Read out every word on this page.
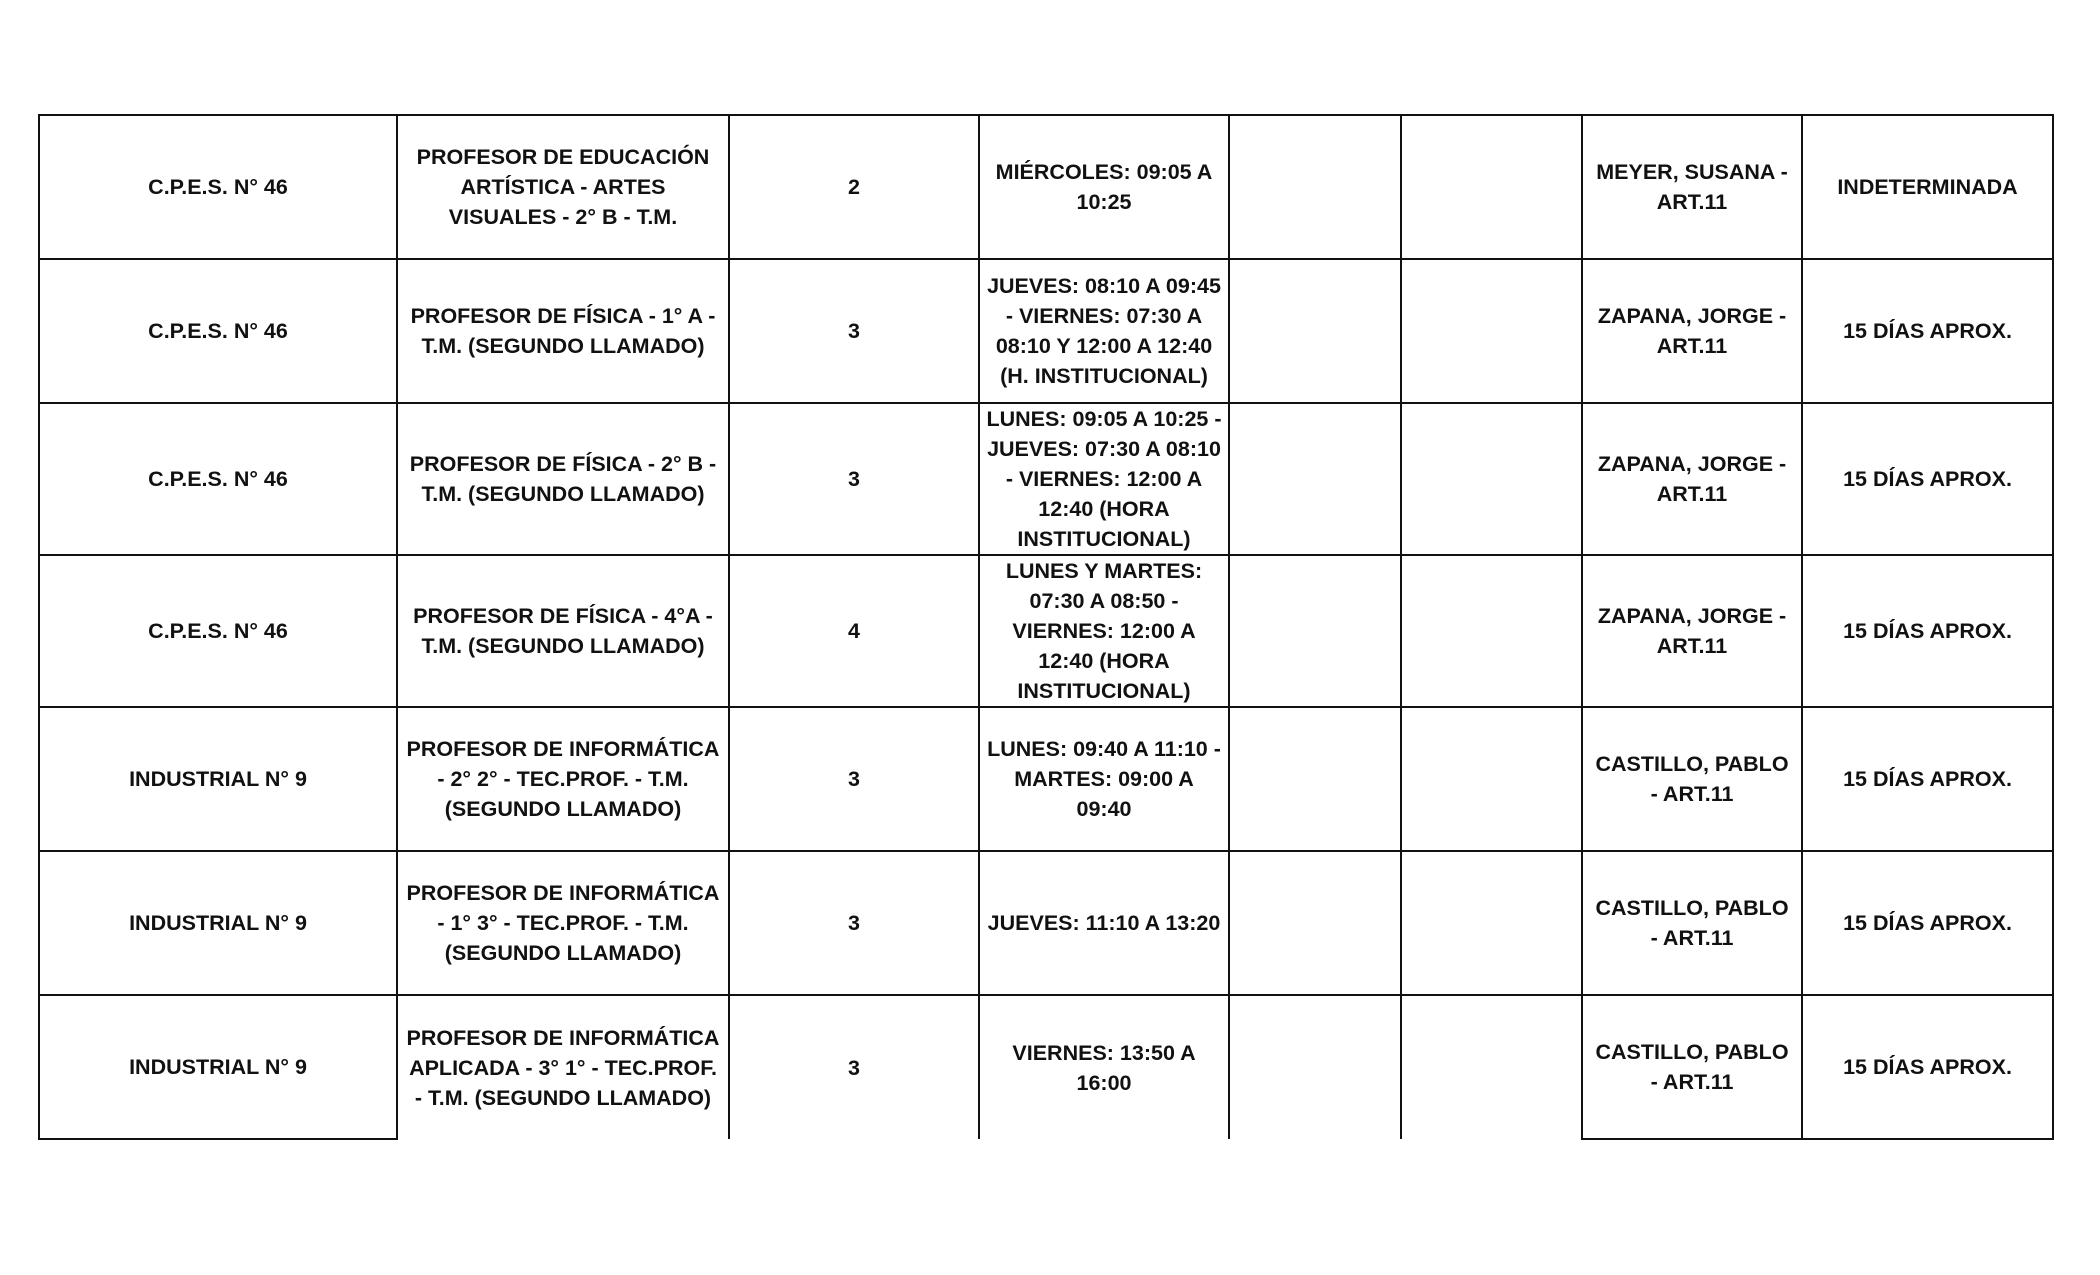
C.P.E.S. N° 46	PROFESOR DE EDUCACIÓN ARTÍSTICA - ARTES VISUALES - 2° B - T.M.	2	MIÉRCOLES: 09:05 A 10:25			MEYER, SUSANA - ART.11	INDETERMINADA
C.P.E.S. N° 46	PROFESOR DE FÍSICA - 1° A - T.M. (SEGUNDO LLAMADO)	3	JUEVES: 08:10 A 09:45 - VIERNES: 07:30 A 08:10 Y 12:00 A 12:40 (H. INSTITUCIONAL)			ZAPANA, JORGE - ART.11	15 DÍAS APROX.
C.P.E.S. N° 46	PROFESOR DE FÍSICA - 2° B - T.M. (SEGUNDO LLAMADO)	3	LUNES: 09:05 A 10:25 - JUEVES: 07:30 A 08:10 - VIERNES: 12:00 A 12:40 (HORA INSTITUCIONAL)			ZAPANA, JORGE - ART.11	15 DÍAS APROX.
C.P.E.S. N° 46	PROFESOR DE FÍSICA - 4°A - T.M. (SEGUNDO LLAMADO)	4	LUNES Y MARTES: 07:30 A 08:50 - VIERNES: 12:00 A 12:40 (HORA INSTITUCIONAL)			ZAPANA, JORGE - ART.11	15 DÍAS APROX.
INDUSTRIAL N° 9	PROFESOR DE INFORMÁTICA - 2° 2° - TEC.PROF. - T.M. (SEGUNDO LLAMADO)	3	LUNES: 09:40 A 11:10 - MARTES: 09:00 A 09:40			CASTILLO, PABLO - ART.11	15 DÍAS APROX.
INDUSTRIAL N° 9	PROFESOR DE INFORMÁTICA - 1° 3° - TEC.PROF. - T.M. (SEGUNDO LLAMADO)	3	JUEVES: 11:10 A 13:20			CASTILLO, PABLO - ART.11	15 DÍAS APROX.
INDUSTRIAL N° 9	PROFESOR DE INFORMÁTICA APLICADA - 3° 1° - TEC.PROF. - T.M. (SEGUNDO LLAMADO)	3	VIERNES: 13:50 A 16:00			CASTILLO, PABLO - ART.11	15 DÍAS APROX.
